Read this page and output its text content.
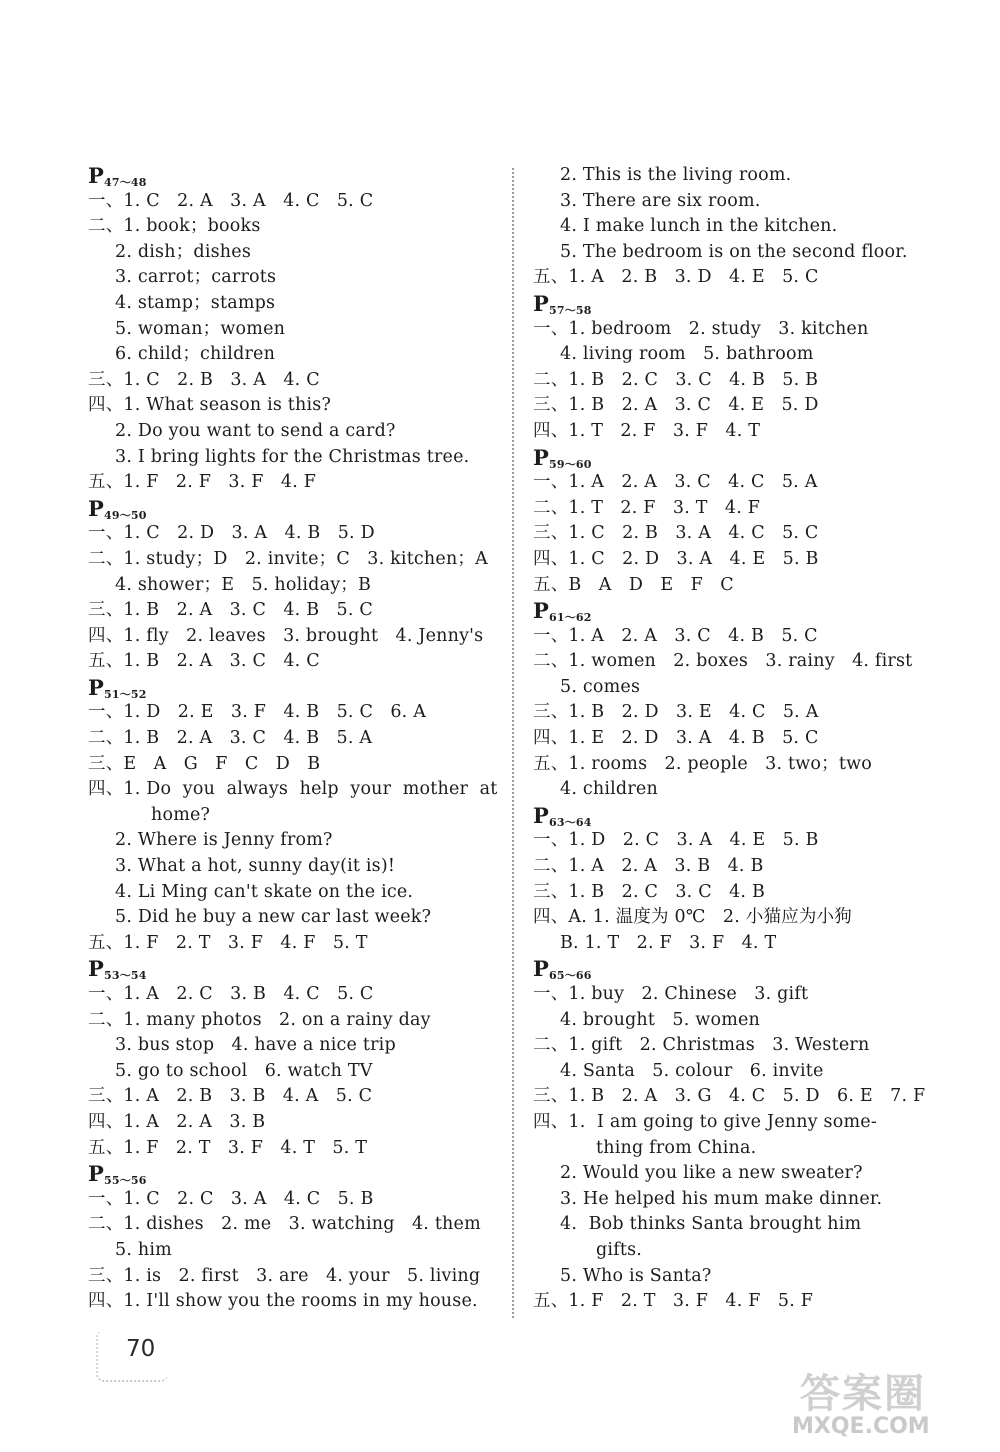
$P_{47\sim 48}$
一、1. C   2. A   3. A   4. C   5. C
二、1. book；books
2. dish；dishes
3. carrot；carrots
4. stamp；stamps
5. woman；women
6. child；children
三、1. C   2. B   3. A   4. C
四、1. What season is this?
2. Do you want to send a card?
3. I bring lights for the Christmas tree.
五、1. F   2. F   3. F   4. F
$P_{49\sim 50}$
一、1. C   2. D   3. A   4. B   5. D
二、1. study；D   2. invite；C   3. kitchen；A
4. shower；E   5. holiday；B
三、1. B   2. A   3. C   4. B   5. C
四、1. fly   2. leaves   3. brought   4. Jenny's
五、1. B   2. A   3. C   4. C
$P_{51\sim 52}$
一、1. D   2. E   3. F   4. B   5. C   6. A
二、1. B   2. A   3. C   4. B   5. A
三、E   A   G   F   C   D   B
四、1. Do  you  always  help  your  mother  at
home?
2. Where is Jenny from?
3. What a hot, sunny day(it is)!
4. Li Ming can't skate on the ice.
5. Did he buy a new car last week?
五、1. F   2. T   3. F   4. F   5. T
$P_{53\sim 54}$
一、1. A   2. C   3. B   4. C   5. C
二、1. many photos   2. on a rainy day
3. bus stop   4. have a nice trip
5. go to school   6. watch TV
三、1. A   2. B   3. B   4. A   5. C
四、1. A   2. A   3. B
五、1. F   2. T   3. F   4. T   5. T
$P_{55\sim 56}$
一、1. C   2. C   3. A   4. C   5. B
二、1. dishes   2. me   3. watching   4. them
5. him
三、1. is   2. first   3. are   4. your   5. living
四、1. I'll show you the rooms in my house.
2. This is the living room.
3. There are six room.
4. I make lunch in the kitchen.
5. The bedroom is on the second floor.
五、1. A   2. B   3. D   4. E   5. C
$P_{57\sim 58}$
一、1. bedroom   2. study   3. kitchen
4. living room   5. bathroom
二、1. B   2. C   3. C   4. B   5. B
三、1. B   2. A   3. C   4. E   5. D
四、1. T   2. F   3. F   4. T
$P_{59\sim 60}$
一、1. A   2. A   3. C   4. C   5. A
二、1. T   2. F   3. T   4. F
三、1. C   2. B   3. A   4. C   5. C
四、1. C   2. D   3. A   4. E   5. B
五、B   A   D   E   F   C
$P_{61\sim 62}$
一、1. A   2. A   3. C   4. B   5. C
二、1. women   2. boxes   3. rainy   4. first
5. comes
三、1. B   2. D   3. E   4. C   5. A
四、1. E   2. D   3. A   4. B   5. C
五、1. rooms   2. people   3. two；two
4. children
$P_{63\sim 64}$
一、1. D   2. C   3. A   4. E   5. B
二、1. A   2. A   3. B   4. B
三、1. B   2. C   3. C   4. B
四、A. 1. 温度为 0℃   2. 小猫应为小狗
B. 1. T   2. F   3. F   4. T
$P_{65\sim 66}$
一、1. buy   2. Chinese   3. gift
4. brought   5. women
二、1. gift   2. Christmas   3. Western
4. Santa   5. colour   6. invite
三、1. B   2. A   3. G   4. C   5. D   6. E   7. F
四、1.  I am going to give Jenny some-
thing from China.
2. Would you like a new sweater?
3. He helped his mum make dinner.
4.  Bob thinks Santa brought him
gifts.
5. Who is Santa?
五、1. F   2. T   3. F   4. F   5. F
70
答案圈
MXQE.COM
